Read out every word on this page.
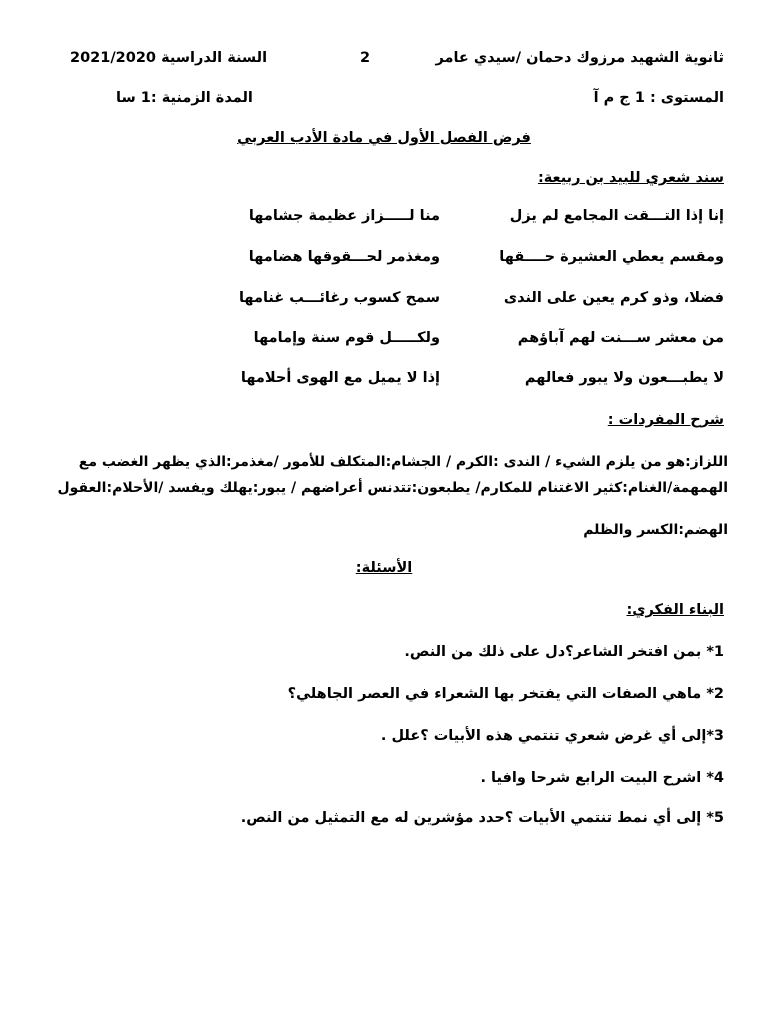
ثانوية الشهيد مرزوك دحمان /سيدي عامر
2
السنة الدراسية 2021/2020
المستوى : 1 ج م آ
المدة الزمنية :1 سا
فرض الفصل الأول في مادة الأدب العربي
سند شعري للبيد بن ربيعة:
إنا إذا التـــقت المجامع لم يزل
منا لـــــزاز عظيمة جشامها
ومقسم يعطي العشيرة حــــقها
ومغذمر لحـــقوقها هضامها
فضلا، وذو كرم يعين على الندى
سمح كسوب رغائـــب غنامها
من معشر ســـنت لهم آباؤهم
ولكـــــل قوم سنة وإمامها
لا يطبـــعون ولا يبور فعالهم
إذا لا يميل مع الهوى أحلامها
شرح المفردات :
اللزاز:هو من يلزم الشيء / الندى :الكرم / الجشام:المتكلف للأمور /مغذمر:الذي يظهر الغضب مع
الهمهمة/الغنام:كثير الاغتنام للمكارم/ يطبعون:تتدنس أعراضهم / يبور:يهلك ويفسد /الأحلام:العقول
الهضم:الكسر والظلم
الأسئلة:
البناء الفكري:
1* بمن افتخر الشاعر؟دل على ذلك من النص.
2* ماهي الصفات التي يفتخر بها الشعراء في العصر الجاهلي؟
3*إلى أي غرض شعري تنتمي هذه الأبيات ؟علل .
4* اشرح البيت الرابع شرحا وافيا .
5* إلى أي نمط تنتمي الأبيات ؟حدد مؤشرين له مع التمثيل من النص.
